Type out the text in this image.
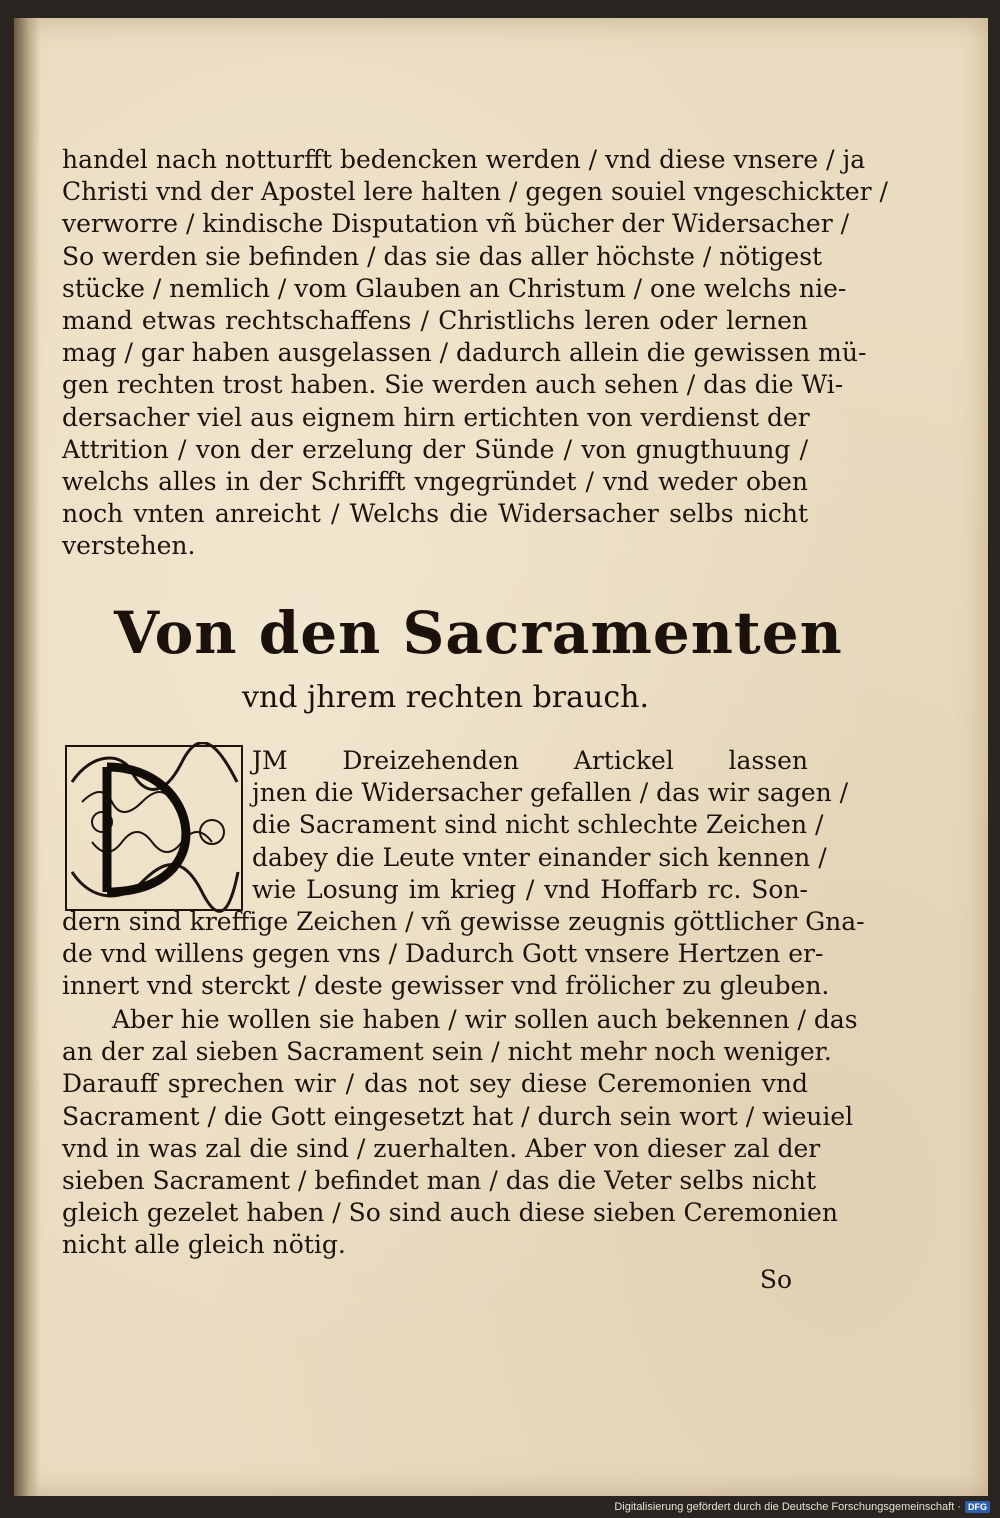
handel nach notturfft bedencken werden / vnd diese vnsere / ja
Christi vnd der Apostel lere halten / gegen souiel vngeschickter /
verworre / kindische Disputation vñ bücher der Widersacher /
So werden sie befinden / das sie das aller höchste / nötigest
stücke / nemlich / vom Glauben an Christum / one welchs nie-
mand etwas rechtschaffens / Christlichs leren oder lernen
mag / gar haben ausgelassen / dadurch allein die gewissen mü-
gen rechten trost haben. Sie werden auch sehen / das die Wi-
dersacher viel aus eignem hirn ertichten von verdienst der
Attrition / von der erzelung der Sünde / von gnugthuung /
welchs alles in der Schrifft vngegründet / vnd weder oben
noch vnten anreicht / Welchs die Widersacher selbs nicht
verstehen.
Von den Sacramenten
vnd jhrem rechten brauch.
JM Dreizehenden Artickel lassen
jnen die Widersacher gefallen / das wir sagen /
die Sacrament sind nicht schlechte Zeichen /
dabey die Leute vnter einander sich kennen /
wie Losung im krieg / vnd Hoffarb rc. Son-
dern sind kreffige Zeichen / vñ gewisse zeugnis göttlicher Gna-
de vnd willens gegen vns / Dadurch Gott vnsere Hertzen er-
innert vnd sterckt / deste gewisser vnd frölicher zu gleuben.
Aber hie wollen sie haben / wir sollen auch bekennen / das
an der zal sieben Sacrament sein / nicht mehr noch weniger.
Darauff sprechen wir / das not sey diese Ceremonien vnd
Sacrament / die Gott eingesetzt hat / durch sein wort / wieuiel
vnd in was zal die sind / zuerhalten. Aber von dieser zal der
sieben Sacrament / befindet man / das die Veter selbs nicht
gleich gezelet haben / So sind auch diese sieben Ceremonien
nicht alle gleich nötig.
So
Digitalisierung gefördert durch die Deutsche Forschungsgemeinschaft · DFG
